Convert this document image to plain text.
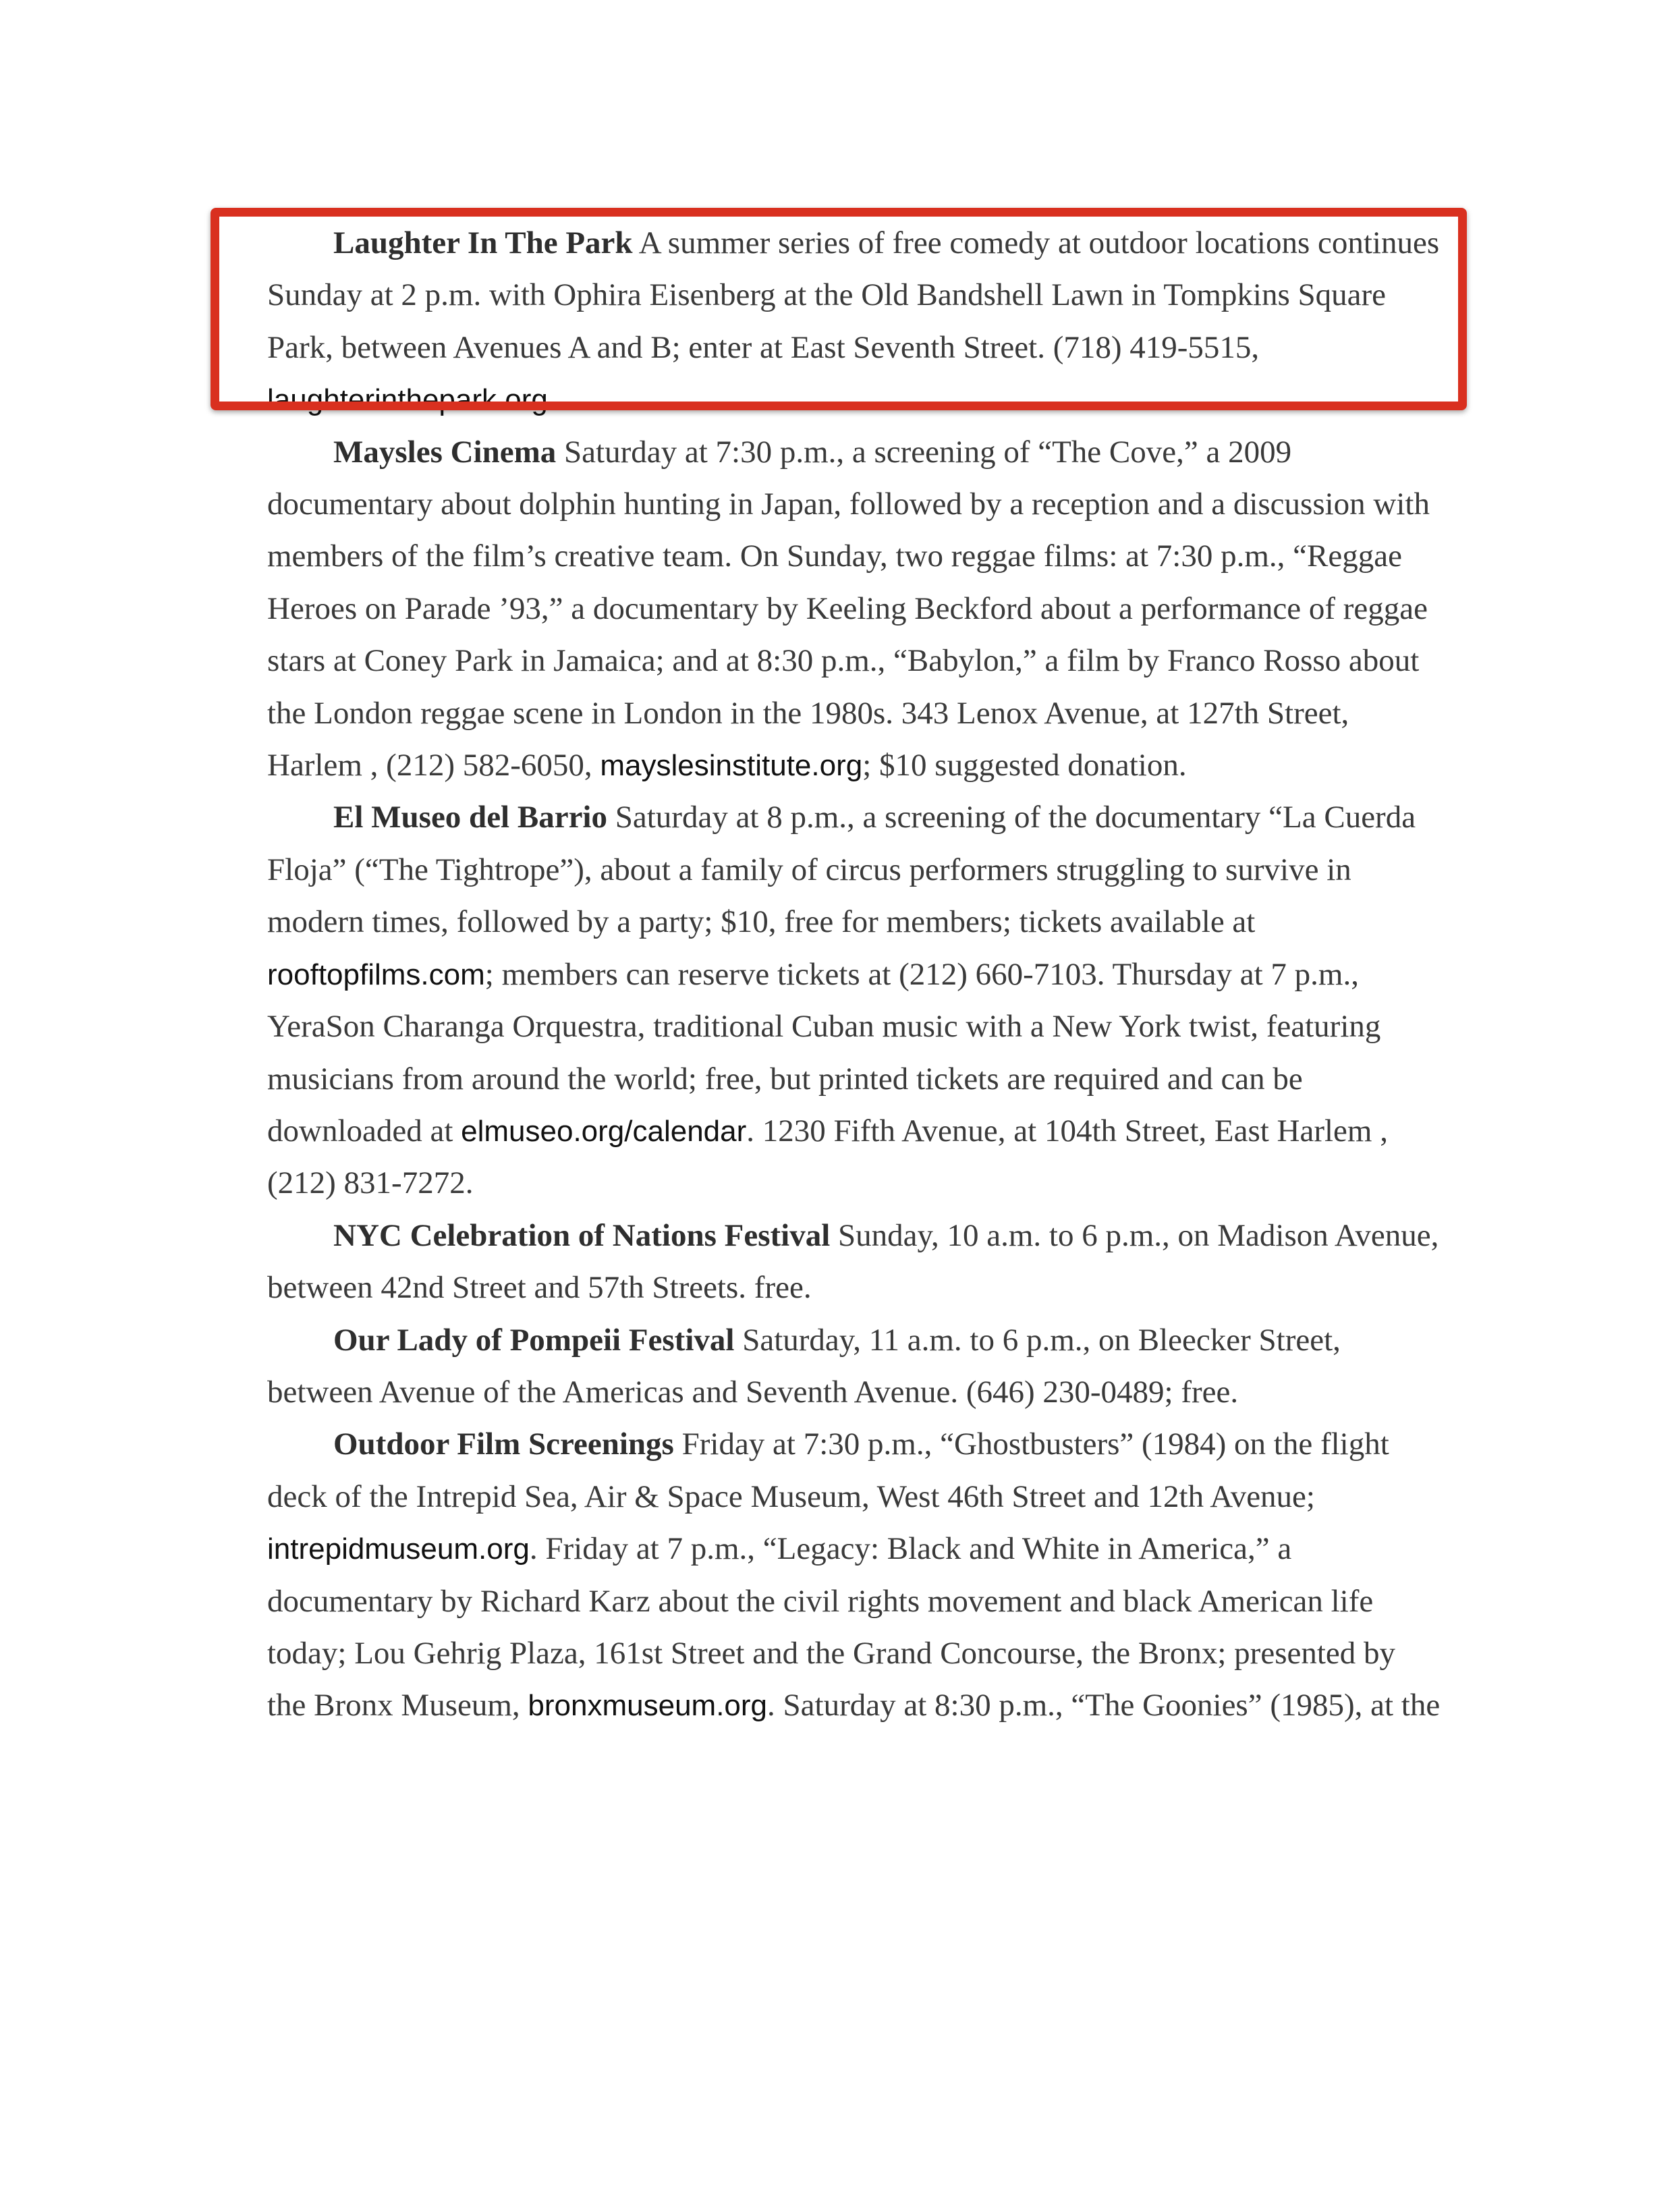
Laughter In The Park A summer series of free comedy at outdoor locations continues Sunday at 2 p.m. with Ophira Eisenberg at the Old Bandshell Lawn in Tompkins Square Park, between Avenues A and B; enter at East Seventh Street. (718) 419-5515, laughterinthepark.org.

Maysles Cinema Saturday at 7:30 p.m., a screening of “The Cove,” a 2009 documentary about dolphin hunting in Japan, followed by a reception and a discussion with members of the film’s creative team. On Sunday, two reggae films: at 7:30 p.m., “Reggae Heroes on Parade ’93,” a documentary by Keeling Beckford about a performance of reggae stars at Coney Park in Jamaica; and at 8:30 p.m., “Babylon,” a film by Franco Rosso about the London reggae scene in London in the 1980s. 343 Lenox Avenue, at 127th Street, Harlem , (212) 582-6050, mayslesinstitute.org; $10 suggested donation.

El Museo del Barrio Saturday at 8 p.m., a screening of the documentary “La Cuerda Floja” (“The Tightrope”), about a family of circus performers struggling to survive in modern times, followed by a party; $10, free for members; tickets available at rooftopfilms.com; members can reserve tickets at (212) 660-7103. Thursday at 7 p.m., YeraSon Charanga Orquestra, traditional Cuban music with a New York twist, featuring musicians from around the world; free, but printed tickets are required and can be downloaded at elmuseo.org/calendar. 1230 Fifth Avenue, at 104th Street, East Harlem , (212) 831-7272.

NYC Celebration of Nations Festival Sunday, 10 a.m. to 6 p.m., on Madison Avenue, between 42nd Street and 57th Streets. free.

Our Lady of Pompeii Festival Saturday, 11 a.m. to 6 p.m., on Bleecker Street, between Avenue of the Americas and Seventh Avenue. (646) 230-0489; free.

Outdoor Film Screenings Friday at 7:30 p.m., “Ghostbusters” (1984) on the flight deck of the Intrepid Sea, Air & Space Museum, West 46th Street and 12th Avenue; intrepidmuseum.org. Friday at 7 p.m., “Legacy: Black and White in America,” a documentary by Richard Karz about the civil rights movement and black American life today; Lou Gehrig Plaza, 161st Street and the Grand Concourse, the Bronx; presented by the Bronx Museum, bronxmuseum.org. Saturday at 8:30 p.m., “The Goonies” (1985), at the
